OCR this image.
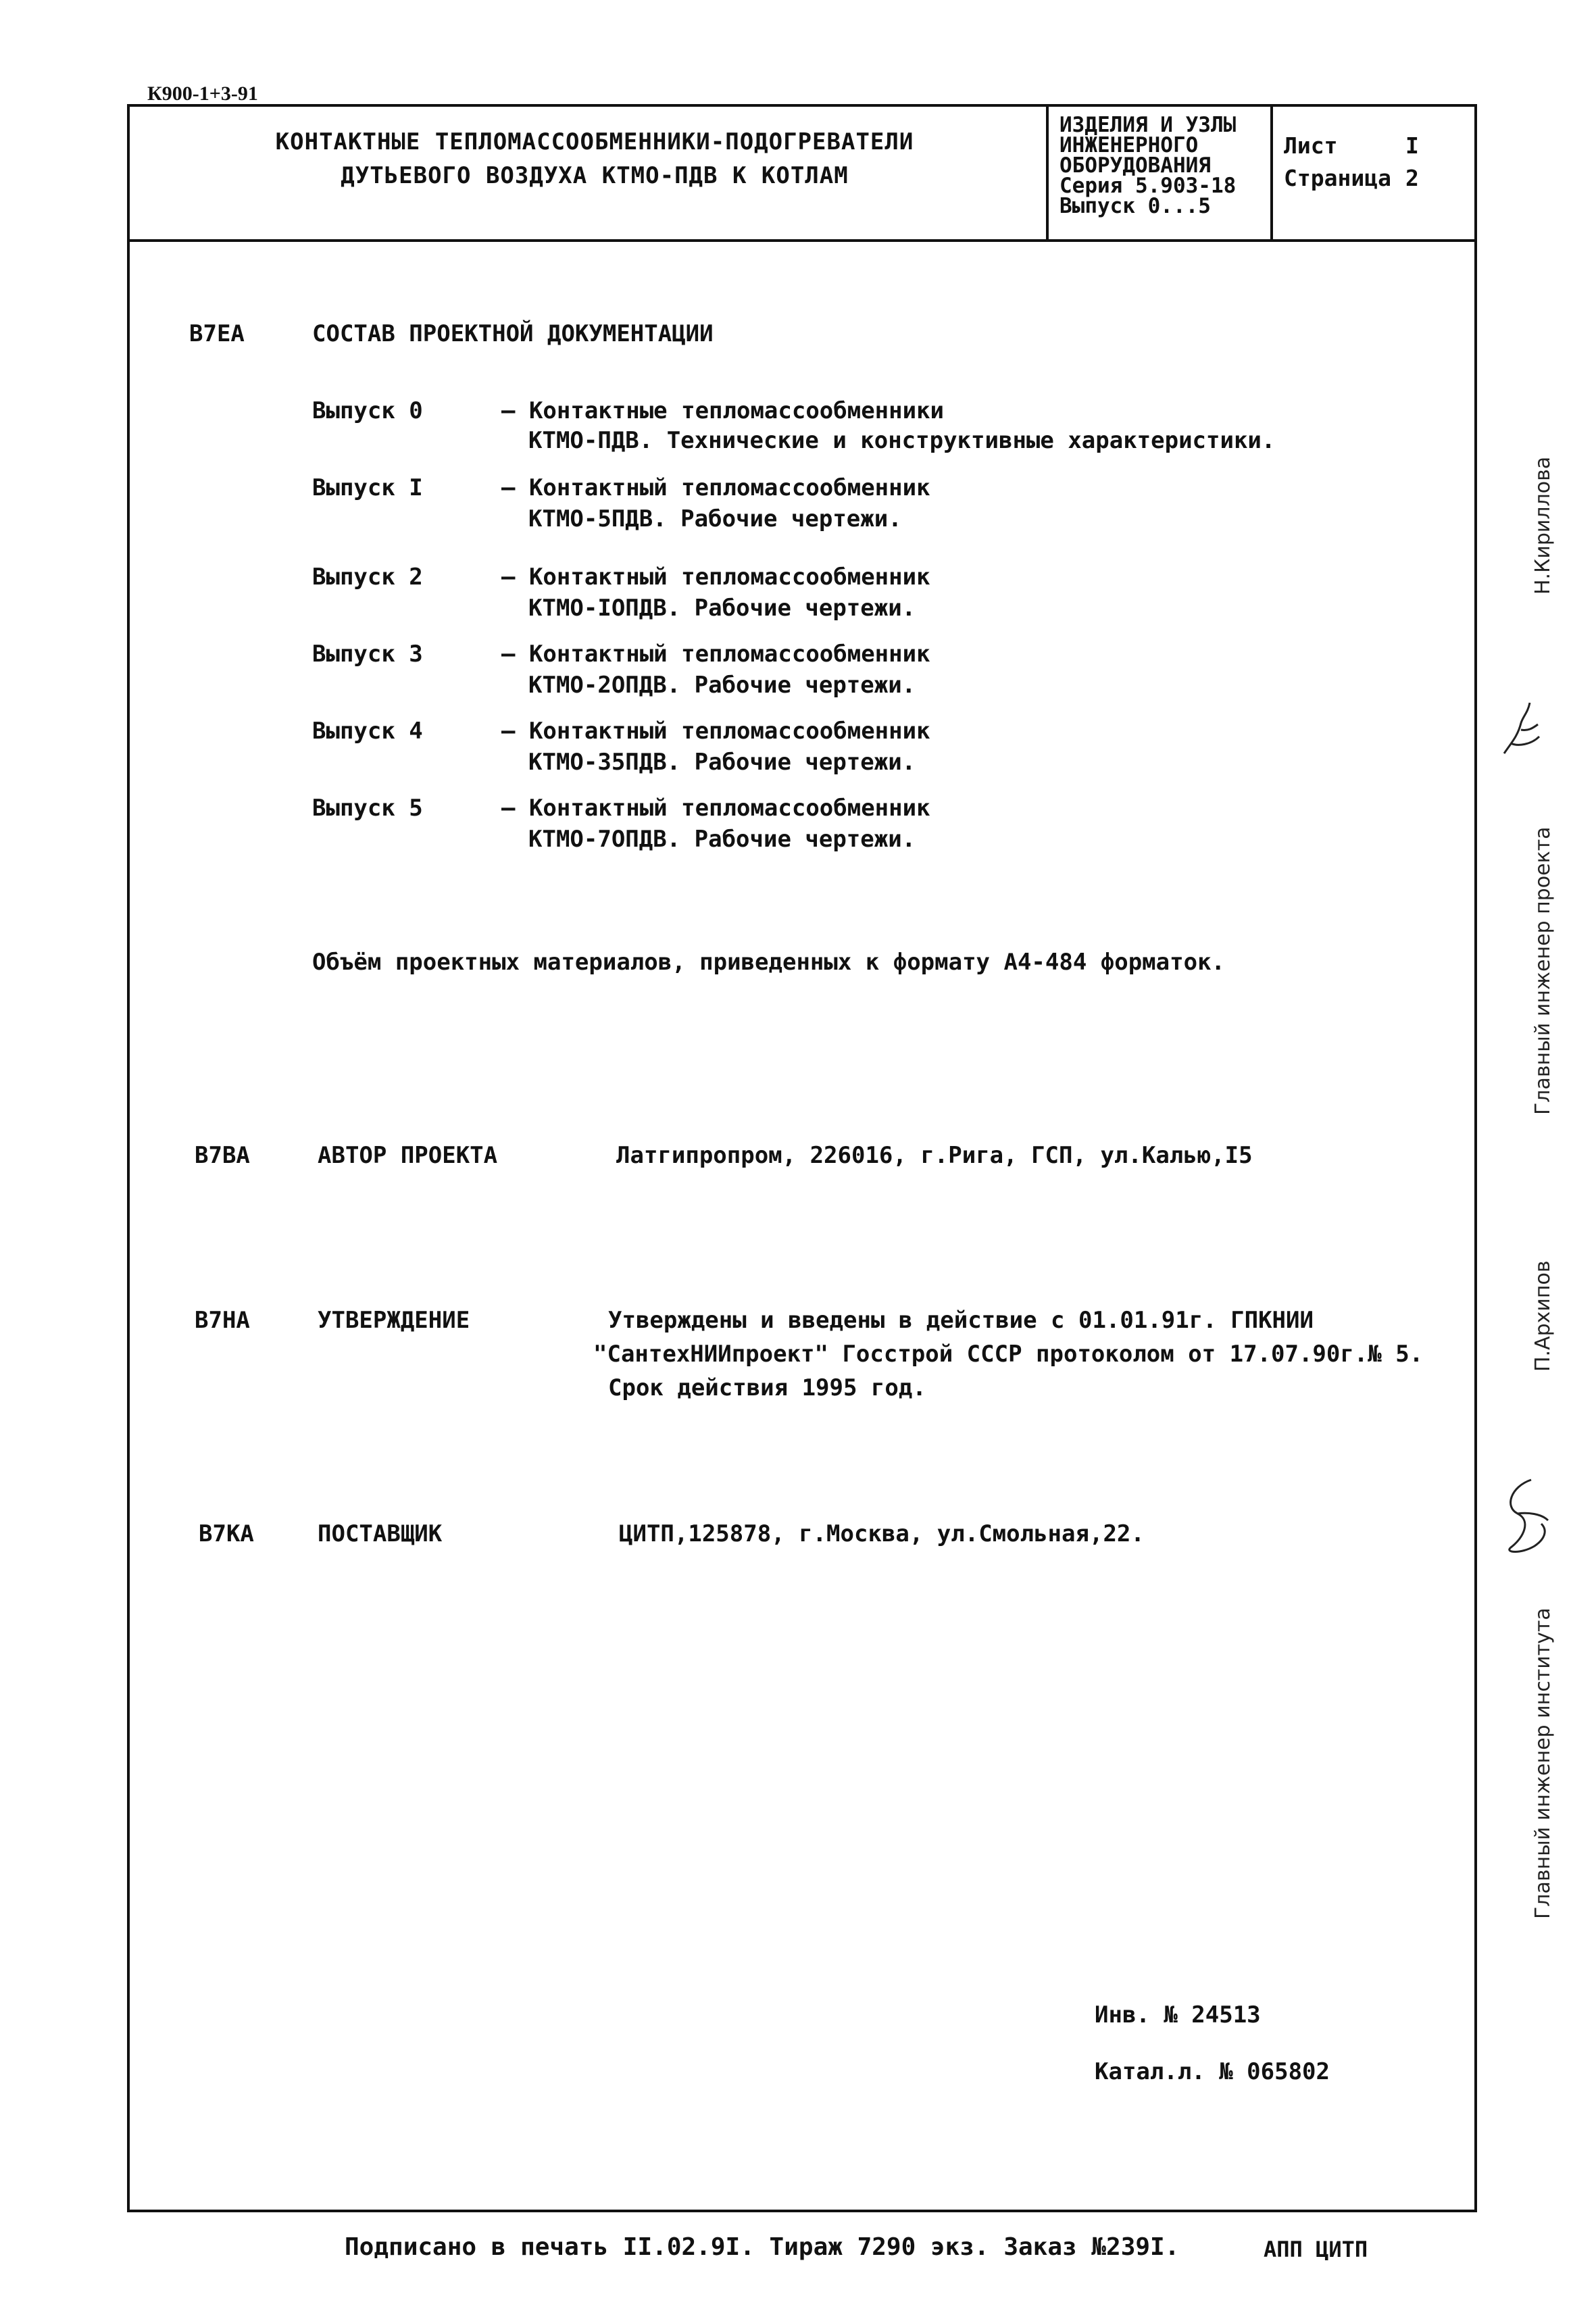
К900-1+3-91
КОНТАКТНЫЕ ТЕПЛОМАССООБМЕННИКИ-ПОДОГРЕВАТЕЛИ
ДУТЬЕВОГО ВОЗДУХА КТМО-ПДВ К КОТЛАМ
ИЗДЕЛИЯ И УЗЛЫ
ИНЖЕНЕРНОГО
ОБОРУДОВАНИЯ
Серия 5.903-18
Выпуск 0...5
Лист	I
Страница 2
В7ЕА	СОСТАВ ПРОЕКТНОЙ ДОКУМЕНТАЦИИ
Выпуск 0	– Контактные тепломассообменники
КТМО-ПДВ. Технические и конструктивные характеристики.
Выпуск I	– Контактный тепломассообменник
КТМО-5ПДВ. Рабочие чертежи.
Выпуск 2	– Контактный тепломассообменник
КТМО-IОПДВ. Рабочие чертежи.
Выпуск 3	– Контактный тепломассообменник
КТМО-2ОПДВ. Рабочие чертежи.
Выпуск 4	– Контактный тепломассообменник
КТМО-35ПДВ. Рабочие чертежи.
Выпуск 5	– Контактный тепломассообменник
КТМО-7ОПДВ. Рабочие чертежи.
Объём проектных материалов, приведенных к формату А4-484 форматок.
В7ВА	АВТОР ПРОЕКТА	Латгипропром, 226016, г.Рига, ГСП, ул.Калью,I5
В7НА	УТВЕРЖДЕНИЕ	Утверждены и введены в действие с 01.01.91г. ГПКНИИ
"СантехНИИпроект" Госстрой СССР протоколом от 17.07.90г.№ 5.
Срок действия 1995 год.
В7КА	ПОСТАВЩИК	ЦИТП,125878, г.Москва, ул.Смольная,22.
Инв. № 24513
Катал.л. № 065802
Н.Кириллова
Главный инженер проекта
П.Архипов
Главный инженер института
Подписано в печать II.02.9I. Тираж 7290 экз. Заказ №239I.	АПП ЦИТП
